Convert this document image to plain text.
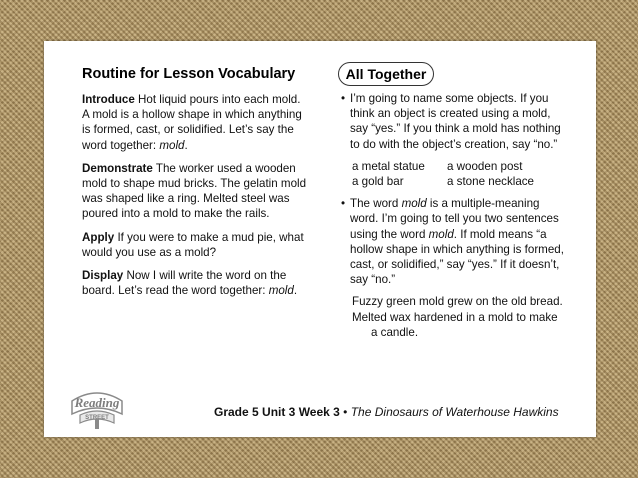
Routine for Lesson Vocabulary

Introduce Hot liquid pours into each mold. A mold is a hollow shape in which anything is formed, cast, or solidified. Let’s say the word together: mold.

Demonstrate The worker used a wooden mold to shape mud bricks. The gelatin mold was shaped like a ring. Melted steel was poured into a mold to make the rails.

Apply If you were to make a mud pie, what would you use as a mold?

Display Now I will write the word on the board. Let’s read the word together: mold.

All Together
• I’m going to name some objects. If you think an object is created using a mold, say “yes.” If you think a mold has nothing to do with the object’s creation, say “no.”
a metal statue	a wooden post
a gold bar	a stone necklace
• The word mold is a multiple-meaning word. I’m going to tell you two sentences using the word mold. If mold means “a hollow shape in which anything is formed, cast, or solidified,” say “yes.” If it doesn’t, say “no.”
Fuzzy green mold grew on the old bread.
Melted wax hardened in a mold to make
a candle.
Reading
STREET	Grade 5 Unit 3 Week 3 • The Dinosaurs of Waterhouse Hawkins
